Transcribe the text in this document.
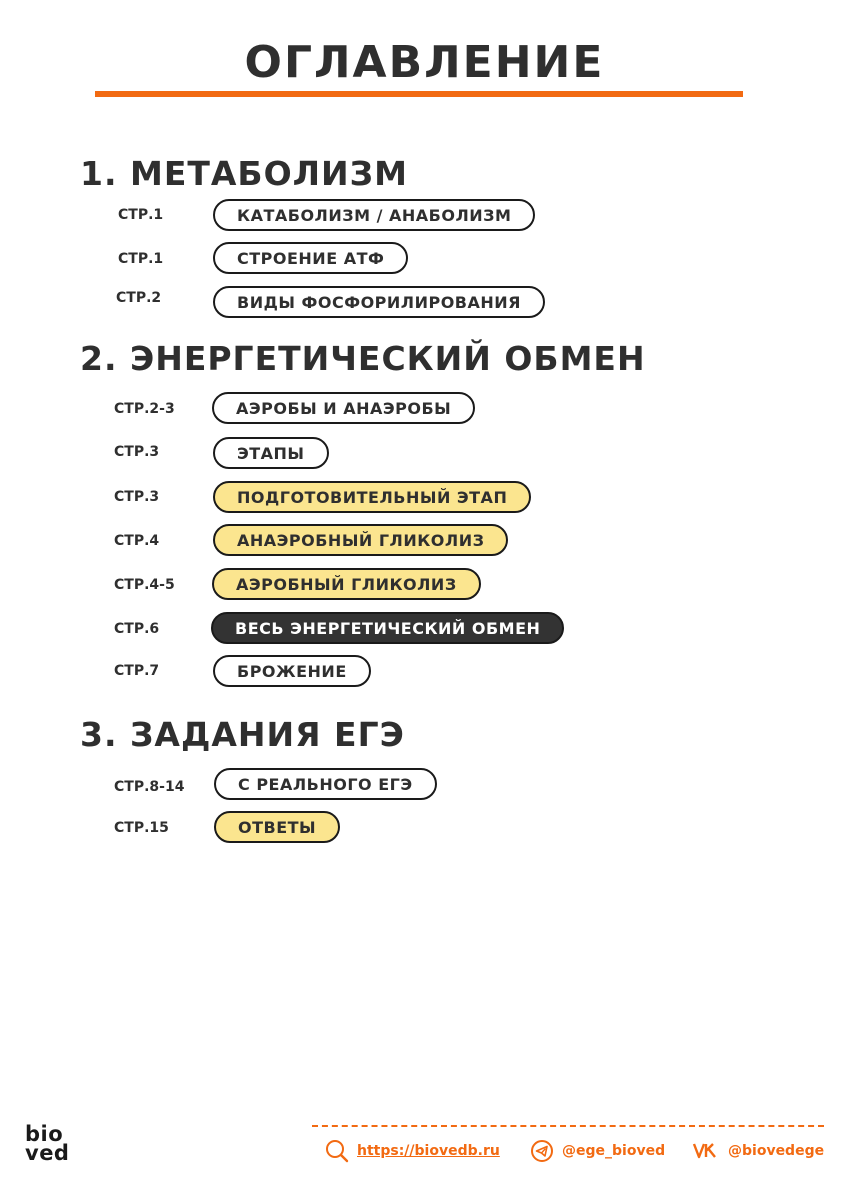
ОГЛАВЛЕНИЕ
1. МЕТАБОЛИЗМ
СТР.1	КАТАБОЛИЗМ / АНАБОЛИЗМ
СТР.1	СТРОЕНИЕ АТФ
СТР.2	ВИДЫ ФОСФОРИЛИРОВАНИЯ
2. ЭНЕРГЕТИЧЕСКИЙ ОБМЕН
СТР.2-3	АЭРОБЫ И АНАЭРОБЫ
СТР.3	ЭТАПЫ
СТР.3	ПОДГОТОВИТЕЛЬНЫЙ ЭТАП
СТР.4	АНАЭРОБНЫЙ ГЛИКОЛИЗ
СТР.4-5	АЭРОБНЫЙ ГЛИКОЛИЗ
СТР.6	ВЕСЬ ЭНЕРГЕТИЧЕСКИЙ ОБМЕН
СТР.7	БРОЖЕНИЕ
3. ЗАДАНИЯ ЕГЭ
СТР.8-14	С РЕАЛЬНОГО ЕГЭ
СТР.15	ОТВЕТЫ
bio
ved	https://biovedb.ru	@ege_bioved	@biovedege
